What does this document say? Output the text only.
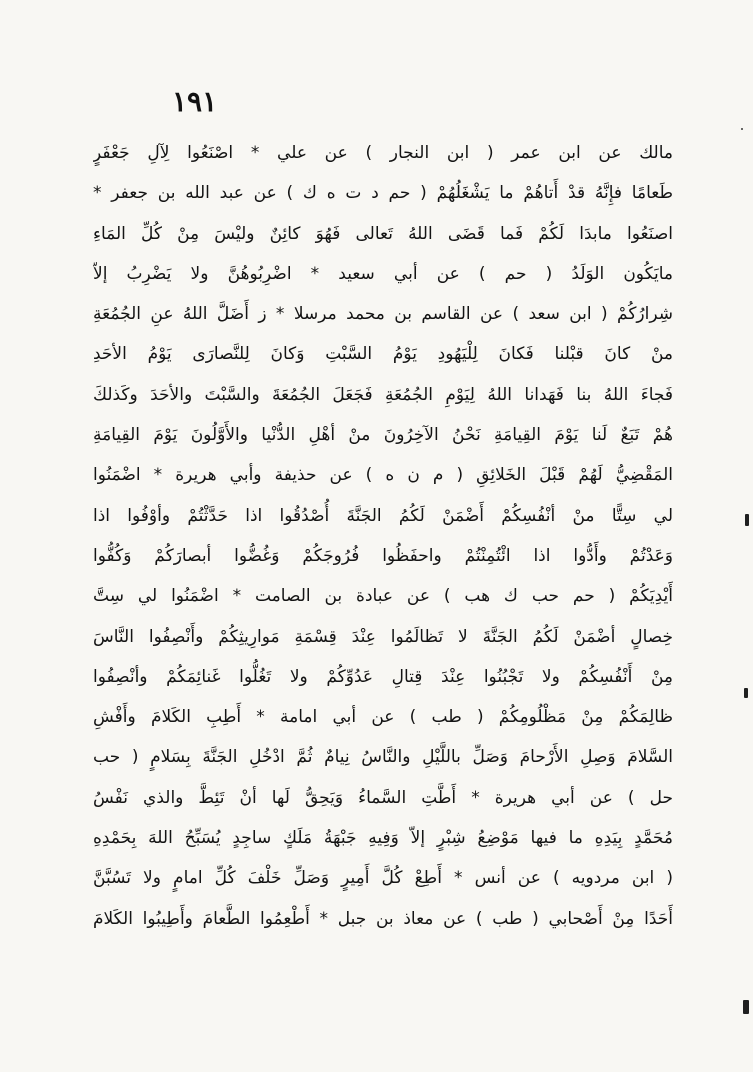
١٩١
مالك عن ابن عمر ( ابن النجار ) عن علي * اصْنَعُوا لِآلِ جَعْفَرٍ
طَعامًا فإِنَّهُ قدْ أَتاهُمْ ما يَشْغَلُهُمْ ( حم د ت ه ك ) عن عبد الله بن جعفر *
اصنَعُوا مابدَا لَكُمْ فَما قَضَى اللهُ تَعالى فَهُوَ كائِنٌ وليْسَ مِنْ كُلِّ المَاءِ
مايَكُون الوَلَدُ ( حم ) عن أبي سعيد * اضْرِبُوهُنَّ ولا يَضْرِبُ إلاّ
شِرارُكُمْ ( ابن سعد ) عن القاسم بن محمد مرسلا * ز أَضَلَّ اللهُ عنِ الجُمُعَةِ
منْ كانَ قبْلنا فَكانَ لِلْيَهُودِ يَوْمُ السَّبْتِ وَكانَ لِلنَّصارَى يَوْمُ الأحَدِ
فَجاءَ اللهُ بنا فَهَدانا اللهُ لِيَوْمِ الجُمُعَةِ فَجَعَلَ الجُمُعَةَ والسَّبْتَ والأحَدَ وكَذلكَ
هُمْ تَبَعٌ لَنا يَوْمَ القِيامَةِ نَحْنُ الآخِرُونَ منْ أهْلِ الدُّنْيا والأَوَّلُونَ يَوْمَ القِيامَةِ
المَقْضِيُّ لَهُمْ قَبْلَ الخَلائِقِ ( م ن ه ) عن حذيفة وأبي هريرة * اضْمَنُوا
لي سِتًّا منْ أنْفُسِكُمْ أَضْمَنْ لَكُمُ الجَنَّةَ أُصْدُقُوا اذا حَدَّثْتُمْ وأوْفُوا اذا
وَعَدْتُمْ وأَدُّوا اذا ائْتُمِنْتُمْ واحفَظُوا فُرُوجَكُمْ وَغُضُّوا أبصارَكُمْ وَكُفُّوا
أَيْدِيَكُمْ ( حم حب ك هب ) عن عبادة بن الصامت * اضْمَنُوا لي سِتَّ
خِصالٍ أضْمَنْ لَكُمُ الجَنَّةَ لا تَظالَمُوا عِنْدَ قِسْمَةِ مَوارِيثِكُمْ وأَنْصِفُوا النَّاسَ
مِنْ أَنْفُسِكُمْ ولا تَجْبُنُوا عِنْدَ قِتالِ عَدُوِّكُمْ ولا تَغُلُّوا غَنائِمَكُمْ وأنْصِفُوا
ظالِمَكُمْ مِنْ مَظْلُومِكُمْ ( طب ) عن أبي امامة * أَطِبِ الكَلامَ وأَفْشِ
السَّلامَ وَصِلِ الأَرْحامَ وَصَلِّ باللَّيْلِ والنَّاسُ نِيامٌ ثُمَّ ادْخُلِ الجَنَّةَ بِسَلامٍ ( حب
حل ) عن أبي هريرة * أَطَّتِ السَّماءُ وَيَحِقُّ لَها أنْ تَئِطَّ والذي نَفْسُ
مُحَمَّدٍ بِيَدِهِ ما فيها مَوْضِعُ شِبْرٍ إلاّ وَفِيهِ جَبْهَةُ مَلَكٍ ساجِدٍ يُسَبِّحُ اللهَ بِحَمْدِهِ
( ابن مردويه ) عن أنس * أَطِعْ كُلَّ أَمِيرٍ وَصَلِّ خَلْفَ كُلِّ امامٍ ولا تَسُبَّنَّ
أَحَدًا مِنْ أَصْحابي ( طب ) عن معاذ بن جبل * أَطْعِمُوا الطَّعامَ وأَطِيبُوا الكَلامَ
